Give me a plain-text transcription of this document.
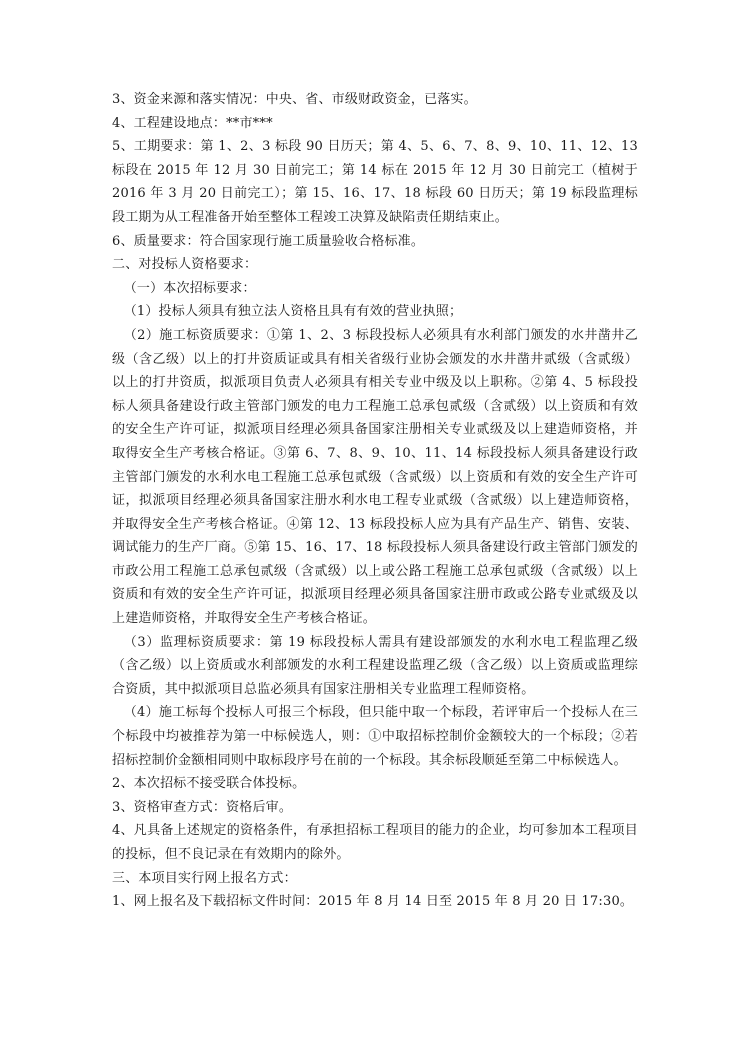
3、资金来源和落实情况：中央、省、市级财政资金，已落实。

4、工程建设地点：**市***

5、工期要求：第 1、2、3 标段 90 日历天；第 4、5、6、7、8、9、10、11、12、13 标段在 2015 年 12 月 30 日前完工；第 14 标在 2015 年 12 月 30 日前完工（植树于 2016 年 3 月 20 日前完工）；第 15、16、17、18 标段 60 日历天；第 19 标段监理标段工期为从工程准备开始至整体工程竣工决算及缺陷责任期结束止。

6、质量要求：符合国家现行施工质量验收合格标准。

二、对投标人资格要求：

（一）本次招标要求：

（1）投标人须具有独立法人资格且具有有效的营业执照；

（2）施工标资质要求：①第 1、2、3 标段投标人必须具有水利部门颁发的水井凿井乙级（含乙级）以上的打井资质证或具有相关省级行业协会颁发的水井凿井贰级（含贰级）以上的打井资质，拟派项目负责人必须具有相关专业中级及以上职称。②第 4、5 标段投标人须具备建设行政主管部门颁发的电力工程施工总承包贰级（含贰级）以上资质和有效的安全生产许可证，拟派项目经理必须具备国家注册相关专业贰级及以上建造师资格，并取得安全生产考核合格证。③第 6、7、8、9、10、11、14 标段投标人须具备建设行政主管部门颁发的水利水电工程施工总承包贰级（含贰级）以上资质和有效的安全生产许可证，拟派项目经理必须具备国家注册水利水电工程专业贰级（含贰级）以上建造师资格，并取得安全生产考核合格证。④第 12、13 标段投标人应为具有产品生产、销售、安装、调试能力的生产厂商。⑤第 15、16、17、18 标段投标人须具备建设行政主管部门颁发的市政公用工程施工总承包贰级（含贰级）以上或公路工程施工总承包贰级（含贰级）以上资质和有效的安全生产许可证，拟派项目经理必须具备国家注册市政或公路专业贰级及以上建造师资格，并取得安全生产考核合格证。

（3）监理标资质要求：第 19 标段投标人需具有建设部颁发的水利水电工程监理乙级（含乙级）以上资质或水利部颁发的水利工程建设监理乙级（含乙级）以上资质或监理综合资质，其中拟派项目总监必须具有国家注册相关专业监理工程师资格。

（4）施工标每个投标人可报三个标段，但只能中取一个标段，若评审后一个投标人在三个标段中均被推荐为第一中标候选人，则：①中取招标控制价金额较大的一个标段；②若招标控制价金额相同则中取标段序号在前的一个标段。其余标段顺延至第二中标候选人。

2、本次招标不接受联合体投标。

3、资格审查方式：资格后审。

4、凡具备上述规定的资格条件，有承担招标工程项目的能力的企业，均可参加本工程项目的投标，但不良记录在有效期内的除外。

三、本项目实行网上报名方式：

1、网上报名及下载招标文件时间：2015 年 8 月 14 日至 2015 年 8 月 20 日 17:30。
